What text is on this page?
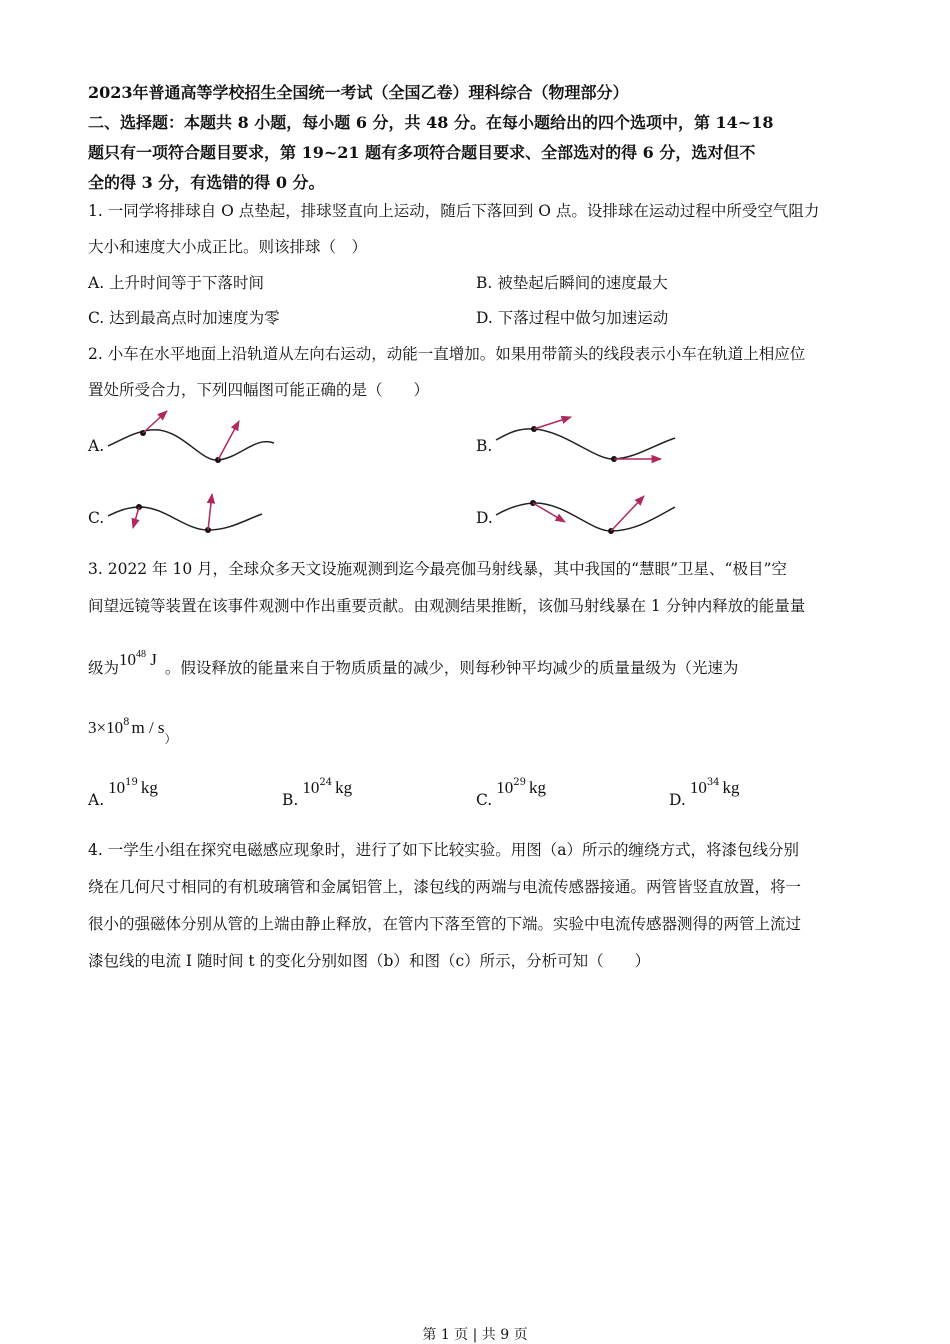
2023年普通高等学校招生全国统一考试（全国乙卷）理科综合（物理部分）
二、选择题：本题共 8 小题，每小题 6 分，共 48 分。在每小题给出的四个选项中，第 14~18
题只有一项符合题目要求，第 19~21 题有多项符合题目要求、全部选对的得 6 分，选对但不
全的得 3 分，有选错的得 0 分。
1. 一同学将排球自 O 点垫起，排球竖直向上运动，随后下落回到 O 点。设排球在运动过程中所受空气阻力
大小和速度大小成正比。则该排球（　）
A. 上升时间等于下落时间	B. 被垫起后瞬间的速度最大
C. 达到最高点时加速度为零	D. 下落过程中做匀加速运动
2. 小车在水平地面上沿轨道从左向右运动，动能一直增加。如果用带箭头的线段表示小车在轨道上相应位
置处所受合力，下列四幅图可能正确的是（　　）
A.	B.
C.	D.
3. 2022 年 10 月，全球众多天文设施观测到迄今最亮伽马射线暴，其中我国的“慧眼”卫星、“极目”空
间望远镜等装置在该事件观测中作出重要贡献。由观测结果推断，该伽马射线暴在 1 分钟内释放的能量量
级为$10^{48}$ J 。假设释放的能量来自于物质质量的减少，则每秒钟平均减少的质量量级为（光速为
$3\times 10^8$ m / $s_)$
$A.10^{19}$ kg
$B.10^{24}$ kg
$C.10^{29}$ kg
$D.10^{34}$ kg
4. 一学生小组在探究电磁感应现象时，进行了如下比较实验。用图（a）所示的缠绕方式，将漆包线分别
绕在几何尺寸相同的有机玻璃管和金属铝管上，漆包线的两端与电流传感器接通。两管皆竖直放置，将一
很小的强磁体分别从管的上端由静止释放，在管内下落至管的下端。实验中电流传感器测得的两管上流过
漆包线的电流 I 随时间 t 的变化分别如图（b）和图（c）所示，分析可知（　　）
第 1 页 | 共 9 页
